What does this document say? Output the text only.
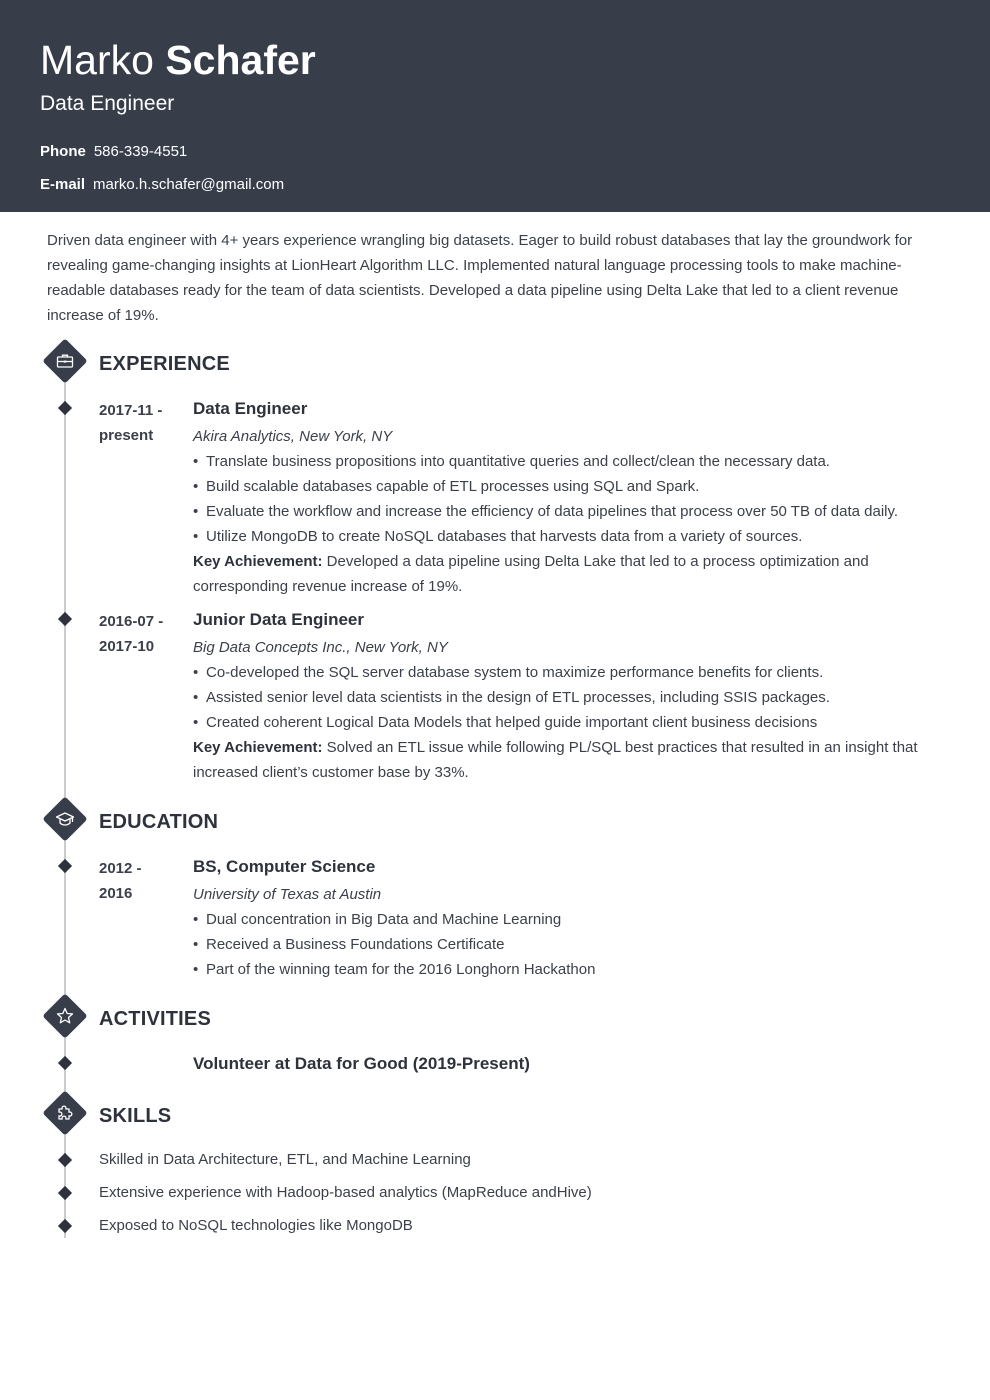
Marko Schafer
Data Engineer
Phone 586-339-4551
E-mail marko.h.schafer@gmail.com

Driven data engineer with 4+ years experience wrangling big datasets. Eager to build robust databases that lay the groundwork for revealing game-changing insights at LionHeart Algorithm LLC. Implemented natural language processing tools to make machine-readable databases ready for the team of data scientists. Developed a data pipeline using Delta Lake that led to a client revenue increase of 19%.

EXPERIENCE
2017-11 -
present
Data Engineer
Akira Analytics, New York, NY
• Translate business propositions into quantitative queries and collect/clean the necessary data.
• Build scalable databases capable of ETL processes using SQL and Spark.
• Evaluate the workflow and increase the efficiency of data pipelines that process over 50 TB of data daily.
• Utilize MongoDB to create NoSQL databases that harvests data from a variety of sources.

Key Achievement: Developed a data pipeline using Delta Lake that led to a process optimization and corresponding revenue increase of 19%.

2016-07 -
2017-10
Junior Data Engineer
Big Data Concepts Inc., New York, NY
• Co-developed the SQL server database system to maximize performance benefits for clients.
• Assisted senior level data scientists in the design of ETL processes, including SSIS packages.
• Created coherent Logical Data Models that helped guide important client business decisions

Key Achievement: Solved an ETL issue while following PL/SQL best practices that resulted in an insight that increased client’s customer base by 33%.

EDUCATION
2012 -
2016
BS, Computer Science
University of Texas at Austin
• Dual concentration in Big Data and Machine Learning
• Received a Business Foundations Certificate
• Part of the winning team for the 2016 Longhorn Hackathon
ACTIVITIES
Volunteer at Data for Good (2019-Present)
SKILLS
Skilled in Data Architecture, ETL, and Machine Learning
Extensive experience with Hadoop-based analytics (MapReduce andHive)
Exposed to NoSQL technologies like MongoDB
